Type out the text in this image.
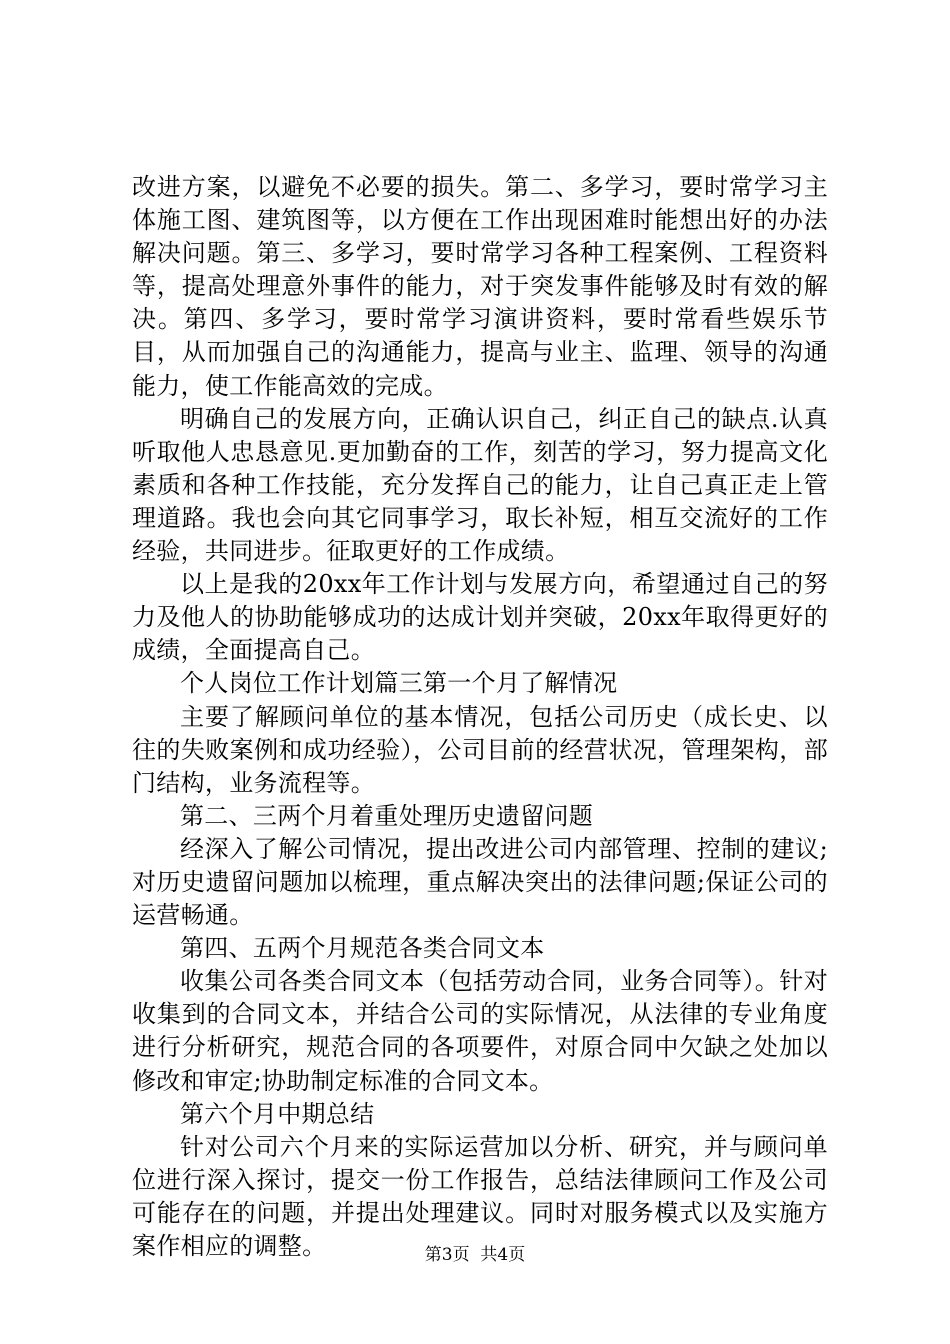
改进方案，以避免不必要的损失。第二、多学习，要时常学习主体施工图、建筑图等，以方便在工作出现困难时能想出好的办法解决问题。第三、多学习，要时常学习各种工程案例、工程资料等，提高处理意外事件的能力，对于突发事件能够及时有效的解决。第四、多学习，要时常学习演讲资料，要时常看些娱乐节目，从而加强自己的沟通能力，提高与业主、监理、领导的沟通能力，使工作能高效的完成。

明确自己的发展方向，正确认识自己，纠正自己的缺点.认真听取他人忠恳意见.更加勤奋的工作，刻苦的学习，努力提高文化素质和各种工作技能，充分发挥自己的能力，让自己真正走上管理道路。我也会向其它同事学习，取长补短，相互交流好的工作经验，共同进步。征取更好的工作成绩。

以上是我的20xx年工作计划与发展方向，希望通过自己的努力及他人的协助能够成功的达成计划并突破，20xx年取得更好的成绩，全面提高自己。

个人岗位工作计划篇三第一个月了解情况

主要了解顾问单位的基本情况，包括公司历史（成长史、以往的失败案例和成功经验），公司目前的经营状况，管理架构，部门结构，业务流程等。

第二、三两个月着重处理历史遗留问题

经深入了解公司情况，提出改进公司内部管理、控制的建议;对历史遗留问题加以梳理，重点解决突出的法律问题;保证公司的运营畅通。

第四、五两个月规范各类合同文本

收集公司各类合同文本（包括劳动合同，业务合同等）。针对收集到的合同文本，并结合公司的实际情况，从法律的专业角度进行分析研究，规范合同的各项要件，对原合同中欠缺之处加以修改和审定;协助制定标准的合同文本。

第六个月中期总结

针对公司六个月来的实际运营加以分析、研究，并与顾问单位进行深入探讨，提交一份工作报告，总结法律顾问工作及公司可能存在的问题，并提出处理建议。同时对服务模式以及实施方案作相应的调整。	第3页  共4页
